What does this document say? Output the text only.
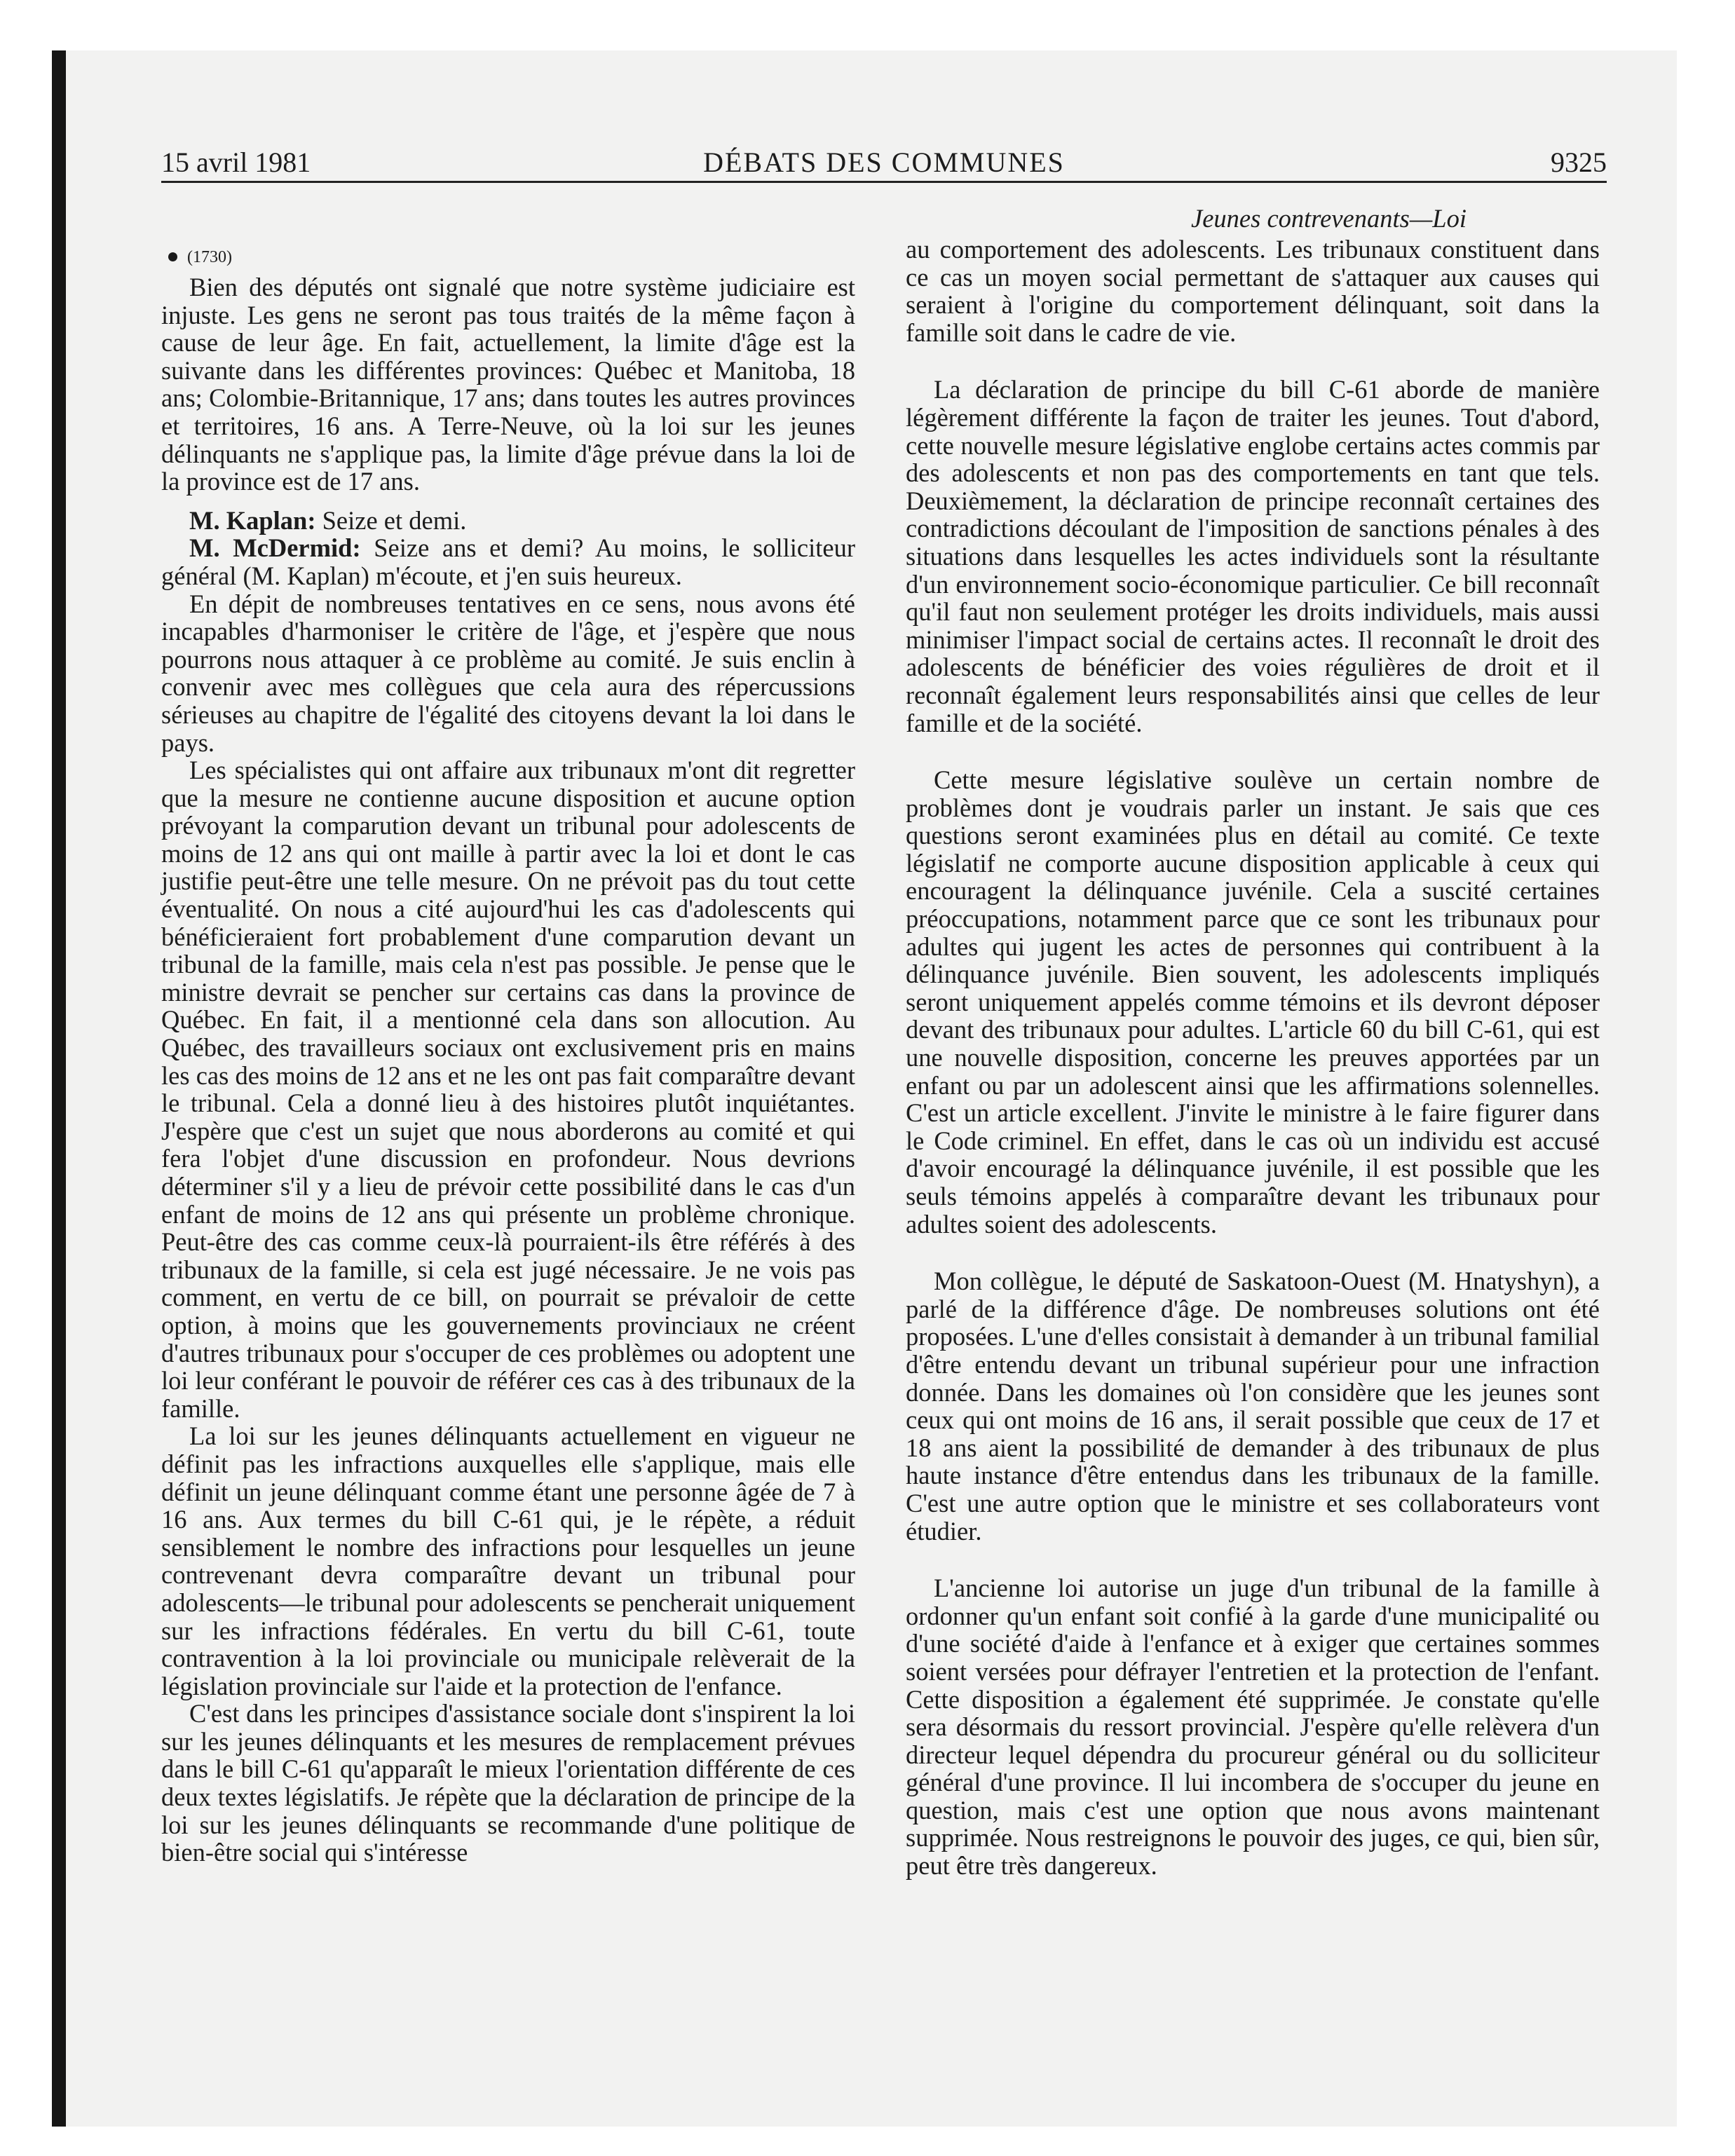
15 avril 1981	DÉBATS DES COMMUNES	9325
(1730)

Bien des députés ont signalé que notre système judiciaire est injuste. Les gens ne seront pas tous traités de la même façon à cause de leur âge. En fait, actuellement, la limite d'âge est la suivante dans les différentes provinces: Québec et Manitoba, 18 ans; Colombie-Britannique, 17 ans; dans toutes les autres provinces et territoires, 16 ans. A Terre-Neuve, où la loi sur les jeunes délinquants ne s'applique pas, la limite d'âge prévue dans la loi de la province est de 17 ans.

M. Kaplan: Seize et demi.

M. McDermid: Seize ans et demi? Au moins, le solliciteur général (M. Kaplan) m'écoute, et j'en suis heureux.

En dépit de nombreuses tentatives en ce sens, nous avons été incapables d'harmoniser le critère de l'âge, et j'espère que nous pourrons nous attaquer à ce problème au comité. Je suis enclin à convenir avec mes collègues que cela aura des répercussions sérieuses au chapitre de l'égalité des citoyens devant la loi dans le pays.

Les spécialistes qui ont affaire aux tribunaux m'ont dit regretter que la mesure ne contienne aucune disposition et aucune option prévoyant la comparution devant un tribunal pour adolescents de moins de 12 ans qui ont maille à partir avec la loi et dont le cas justifie peut-être une telle mesure. On ne prévoit pas du tout cette éventualité. On nous a cité aujourd'hui les cas d'adolescents qui bénéficieraient fort probablement d'une comparution devant un tribunal de la famille, mais cela n'est pas possible. Je pense que le ministre devrait se pencher sur certains cas dans la province de Québec. En fait, il a mentionné cela dans son allocution. Au Québec, des travailleurs sociaux ont exclusivement pris en mains les cas des moins de 12 ans et ne les ont pas fait comparaître devant le tribunal. Cela a donné lieu à des histoires plutôt inquiétantes. J'espère que c'est un sujet que nous aborderons au comité et qui fera l'objet d'une discussion en profondeur. Nous devrions déterminer s'il y a lieu de prévoir cette possibilité dans le cas d'un enfant de moins de 12 ans qui présente un problème chronique. Peut-être des cas comme ceux-là pourraient-ils être référés à des tribunaux de la famille, si cela est jugé nécessaire. Je ne vois pas comment, en vertu de ce bill, on pourrait se prévaloir de cette option, à moins que les gouvernements provinciaux ne créent d'autres tribunaux pour s'occuper de ces problèmes ou adoptent une loi leur conférant le pouvoir de référer ces cas à des tribunaux de la famille.

La loi sur les jeunes délinquants actuellement en vigueur ne définit pas les infractions auxquelles elle s'applique, mais elle définit un jeune délinquant comme étant une personne âgée de 7 à 16 ans. Aux termes du bill C-61 qui, je le répète, a réduit sensiblement le nombre des infractions pour lesquelles un jeune contrevenant devra comparaître devant un tribunal pour adolescents—le tribunal pour adolescents se pencherait uniquement sur les infractions fédérales. En vertu du bill C-61, toute contravention à la loi provinciale ou municipale relèverait de la législation provinciale sur l'aide et la protection de l'enfance.

C'est dans les principes d'assistance sociale dont s'inspirent la loi sur les jeunes délinquants et les mesures de remplacement prévues dans le bill C-61 qu'apparaît le mieux l'orientation différente de ces deux textes législatifs. Je répète que la déclaration de principe de la loi sur les jeunes délinquants se recommande d'une politique de bien-être social qui s'intéresse

Jeunes contrevenants—Loi

au comportement des adolescents. Les tribunaux constituent dans ce cas un moyen social permettant de s'attaquer aux causes qui seraient à l'origine du comportement délinquant, soit dans la famille soit dans le cadre de vie.

La déclaration de principe du bill C-61 aborde de manière légèrement différente la façon de traiter les jeunes. Tout d'abord, cette nouvelle mesure législative englobe certains actes commis par des adolescents et non pas des comportements en tant que tels. Deuxièmement, la déclaration de principe reconnaît certaines des contradictions découlant de l'imposition de sanctions pénales à des situations dans lesquelles les actes individuels sont la résultante d'un environnement socio-économique particulier. Ce bill reconnaît qu'il faut non seulement protéger les droits individuels, mais aussi minimiser l'impact social de certains actes. Il reconnaît le droit des adolescents de bénéficier des voies régulières de droit et il reconnaît également leurs responsabilités ainsi que celles de leur famille et de la société.

Cette mesure législative soulève un certain nombre de problèmes dont je voudrais parler un instant. Je sais que ces questions seront examinées plus en détail au comité. Ce texte législatif ne comporte aucune disposition applicable à ceux qui encouragent la délinquance juvénile. Cela a suscité certaines préoccupations, notamment parce que ce sont les tribunaux pour adultes qui jugent les actes de personnes qui contribuent à la délinquance juvénile. Bien souvent, les adolescents impliqués seront uniquement appelés comme témoins et ils devront déposer devant des tribunaux pour adultes. L'article 60 du bill C-61, qui est une nouvelle disposition, concerne les preuves apportées par un enfant ou par un adolescent ainsi que les affirmations solennelles. C'est un article excellent. J'invite le ministre à le faire figurer dans le Code criminel. En effet, dans le cas où un individu est accusé d'avoir encouragé la délinquance juvénile, il est possible que les seuls témoins appelés à comparaître devant les tribunaux pour adultes soient des adolescents.

Mon collègue, le député de Saskatoon-Ouest (M. Hnatyshyn), a parlé de la différence d'âge. De nombreuses solutions ont été proposées. L'une d'elles consistait à demander à un tribunal familial d'être entendu devant un tribunal supérieur pour une infraction donnée. Dans les domaines où l'on considère que les jeunes sont ceux qui ont moins de 16 ans, il serait possible que ceux de 17 et 18 ans aient la possibilité de demander à des tribunaux de plus haute instance d'être entendus dans les tribunaux de la famille. C'est une autre option que le ministre et ses collaborateurs vont étudier.

L'ancienne loi autorise un juge d'un tribunal de la famille à ordonner qu'un enfant soit confié à la garde d'une municipalité ou d'une société d'aide à l'enfance et à exiger que certaines sommes soient versées pour défrayer l'entretien et la protection de l'enfant. Cette disposition a également été supprimée. Je constate qu'elle sera désormais du ressort provincial. J'espère qu'elle relèvera d'un directeur lequel dépendra du procureur général ou du solliciteur général d'une province. Il lui incombera de s'occuper du jeune en question, mais c'est une option que nous avons maintenant supprimée. Nous restreignons le pouvoir des juges, ce qui, bien sûr, peut être très dangereux.
